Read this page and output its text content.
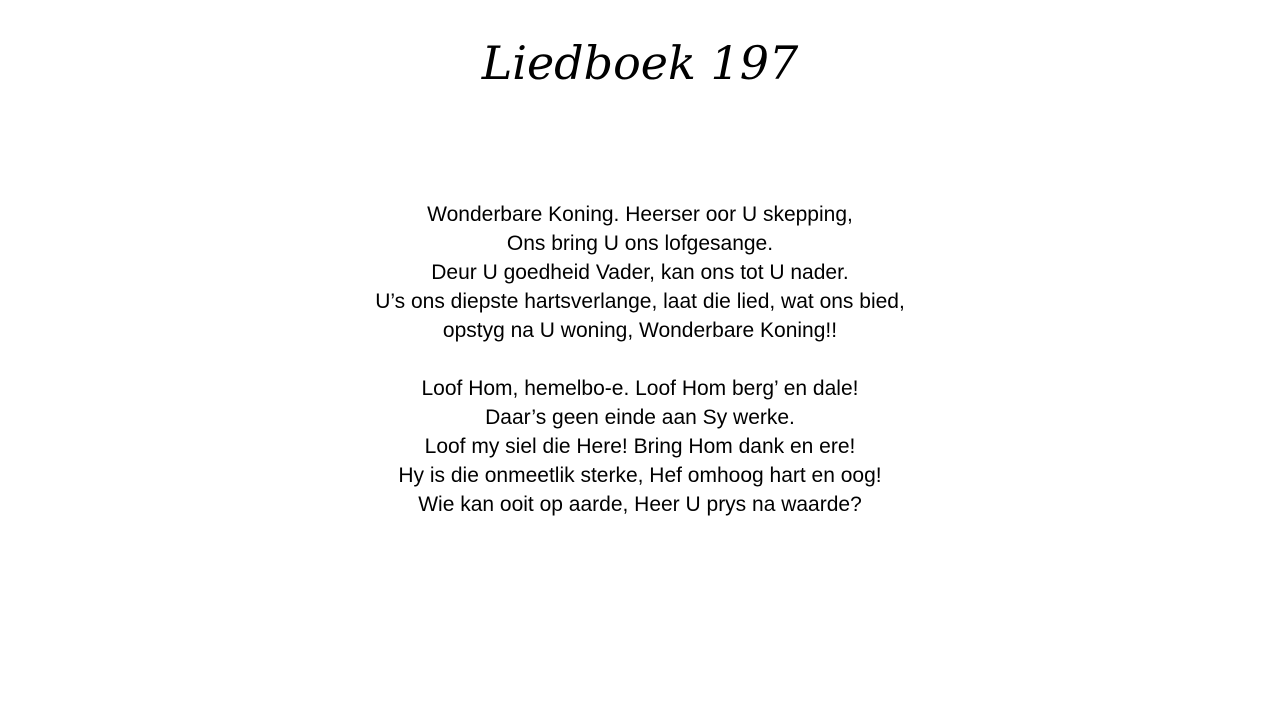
Liedboek 197
Wonderbare Koning. Heerser oor U skepping,
Ons bring U ons lofgesange.
Deur U goedheid Vader, kan ons tot U nader.
U’s ons diepste hartsverlange, laat die lied, wat ons bied,
opstyg na U woning, Wonderbare Koning!!
Loof Hom, hemelbo-e. Loof Hom berg’ en dale!
Daar’s geen einde aan Sy werke.
Loof my siel die Here! Bring Hom dank en ere!
Hy is die onmeetlik sterke, Hef omhoog hart en oog!
Wie kan ooit op aarde, Heer U prys na waarde?
